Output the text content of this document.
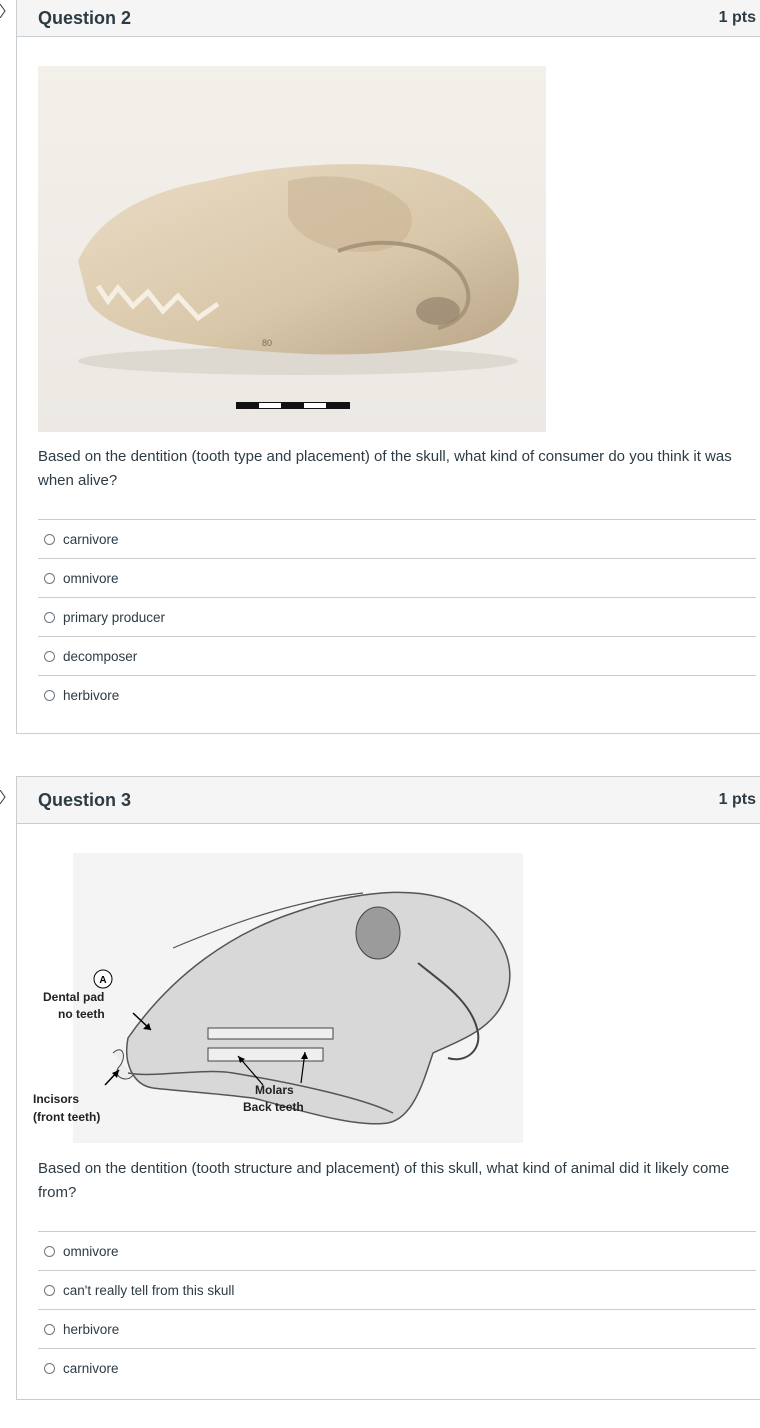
Question 2	1 pts
80

Based on the dentition (tooth type and placement) of the skull, what kind of consumer do you think it was when alive?

carnivore
omnivore
primary producer
decomposer
herbivore
Question 3	1 pts
A
Dental pad
no teeth
Incisors
(front teeth)
Molars
Back teeth

Based on the dentition (tooth structure and placement) of this skull, what kind of animal did it likely come from?

omnivore
can't really tell from this skull
herbivore
carnivore
